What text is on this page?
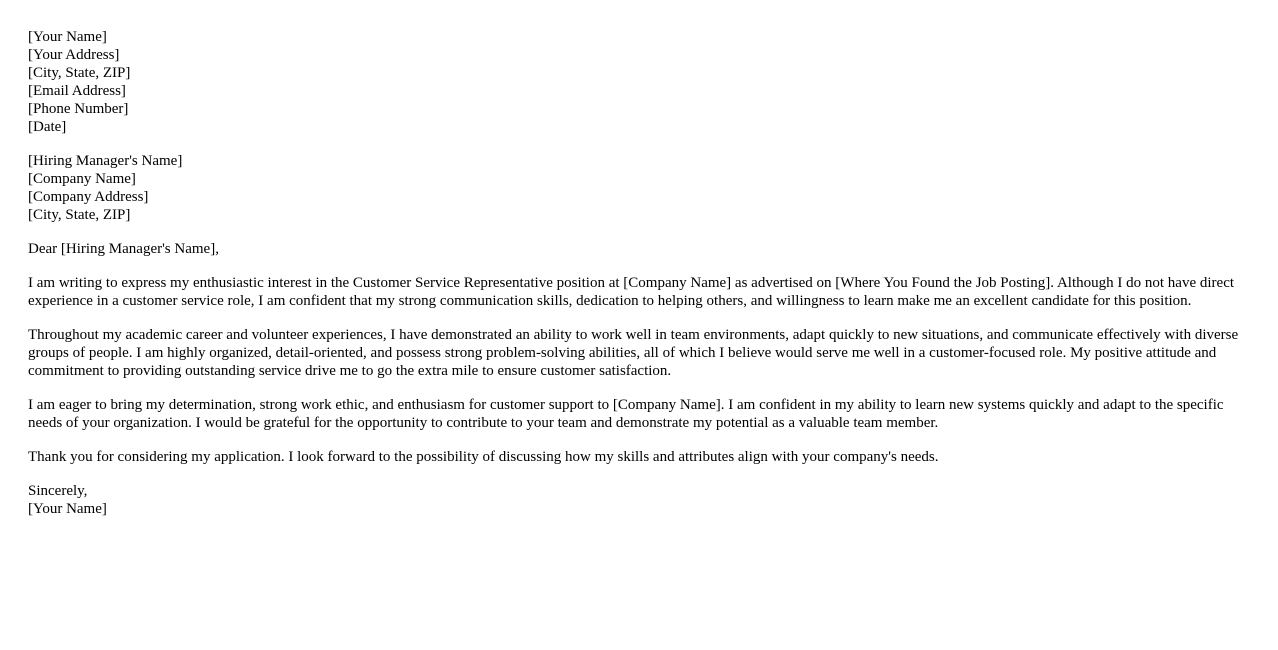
[Your Name]
[Your Address]
[City, State, ZIP]
[Email Address]
[Phone Number]
[Date]
[Hiring Manager's Name]
[Company Name]
[Company Address]
[City, State, ZIP]

Dear [Hiring Manager's Name],

I am writing to express my enthusiastic interest in the Customer Service Representative position at [Company Name] as advertised on [Where You Found the Job Posting]. Although I do not have direct experience in a customer service role, I am confident that my strong communication skills, dedication to helping others, and willingness to learn make me an excellent candidate for this position.

Throughout my academic career and volunteer experiences, I have demonstrated an ability to work well in team environments, adapt quickly to new situations, and communicate effectively with diverse groups of people. I am highly organized, detail-oriented, and possess strong problem-solving abilities, all of which I believe would serve me well in a customer-focused role. My positive attitude and commitment to providing outstanding service drive me to go the extra mile to ensure customer satisfaction.

I am eager to bring my determination, strong work ethic, and enthusiasm for customer support to [Company Name]. I am confident in my ability to learn new systems quickly and adapt to the specific needs of your organization. I would be grateful for the opportunity to contribute to your team and demonstrate my potential as a valuable team member.

Thank you for considering my application. I look forward to the possibility of discussing how my skills and attributes align with your company's needs.

Sincerely,
[Your Name]
